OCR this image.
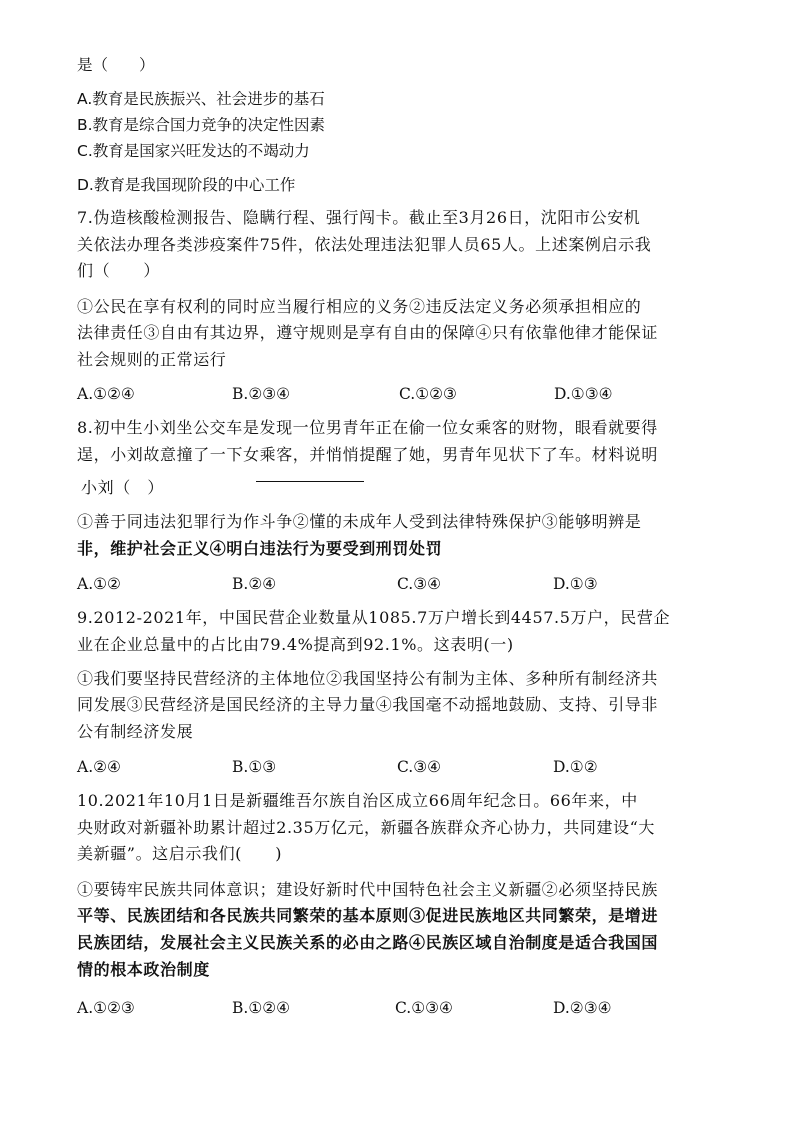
是（　　）
A.教育是民族振兴、社会进步的基石
B.教育是综合国力竞争的决定性因素
C.教育是国家兴旺发达的不竭动力
D.教育是我国现阶段的中心工作
7.伪造核酸检测报告、隐瞒行程、强行闯卡。截止至3月26日，沈阳市公安机
关依法办理各类涉疫案件75件，依法处理违法犯罪人员65人。上述案例启示我
们（　　）
①公民在享有权利的同时应当履行相应的义务②违反法定义务必须承担相应的
法律责任③自由有其边界，遵守规则是享有自由的保障④只有依靠他律才能保证
社会规则的正常运行
A.①②④	B.②③④	C.①②③	D.①③④
8.初中生小刘坐公交车是发现一位男青年正在偷一位女乘客的财物，眼看就要得
逞，小刘故意撞了一下女乘客，并悄悄提醒了她，男青年见状下了车。材料说明
小刘（　）
①善于同违法犯罪行为作斗争②懂的未成年人受到法律特殊保护③能够明辨是
非，维护社会正义④明白违法行为要受到刑罚处罚
A.①②	B.②④	C.③④	D.①③
9.2012-2021年，中国民营企业数量从1085.7万户增长到4457.5万户，民营企
业在企业总量中的占比由79.4%提高到92.1%。这表明(一)
①我们要坚持民营经济的主体地位②我国坚持公有制为主体、多种所有制经济共
同发展③民营经济是国民经济的主导力量④我国毫不动摇地鼓励、支持、引导非
公有制经济发展
A.②④	B.①③	C.③④	D.①②
10.2021年10月1日是新疆维吾尔族自治区成立66周年纪念日。66年来，中
央财政对新疆补助累计超过2.35万亿元，新疆各族群众齐心协力，共同建设“大
美新疆”。这启示我们(　　)
①要铸牢民族共同体意识；建设好新时代中国特色社会主义新疆②必须坚持民族
平等、民族团结和各民族共同繁荣的基本原则③促进民族地区共同繁荣，是增进
民族团结，发展社会主义民族关系的必由之路④民族区域自治制度是适合我国国
情的根本政治制度
A.①②③	B.①②④	C.①③④	D.②③④
